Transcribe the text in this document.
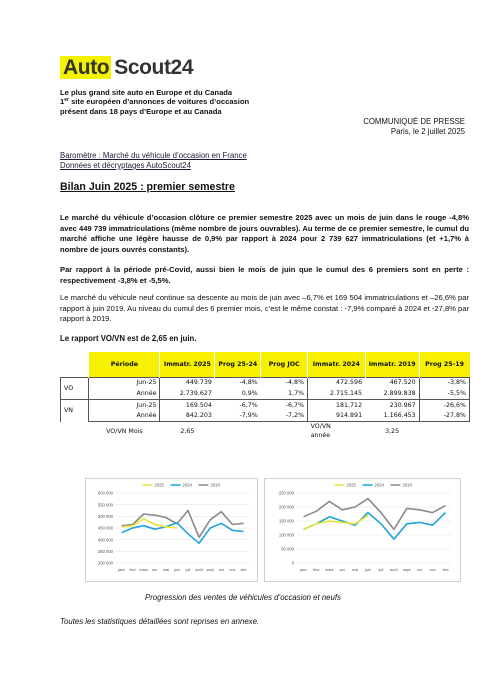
Auto Scout24
Le plus grand site auto en Europe et du Canada
1er site européen d’annonces de voitures d’occasion
présent dans 18 pays d’Europe et au Canada
COMMUNIQUÉ DE PRESSE
Paris, le 2 juillet 2025
Baromètre : Marché du véhicule d’occasion en France
Données et décryptages AutoScout24
Bilan Juin 2025 : premier semestre

Le marché du véhicule d’occasion clôture ce premier semestre 2025 avec un mois de juin dans le rouge -4,8% avec 449 739 immatriculations (même nombre de jours ouvrables). Au terme de ce premier semestre, le cumul du marché affiche une légère hausse de 0,9% par rapport à 2024 pour 2 739 627 immatriculations (et +1,7% à nombre de jours ouvrés constants).

Par rapport à la période pré-Covid, aussi bien le mois de juin que le cumul des 6 premiers sont en perte : respectivement -3,8% et -5,5%.

Le marché du véhicule neuf continue sa descente au mois de juin avec –6,7% et 169 504 immatriculations et –26,6% par rapport à juin 2019. Au niveau du cumul des 6 premier mois, c’est le même constat : -7,9% comparé à 2024 et -27,8% par rapport à 2019.

Le rapport VO/VN est de 2,65 en juin.

	Période	Immatr. 2025	Prog 25-24	Prog JOC	Immatr. 2024	Immatr. 2019	Prog 25-19
VO	Jun-25	449.739	-4,8%	-4,8%	472.596	467.520	-3,8%
	Année	2.739.627	0,9%	1,7%	2.715.145	2.899.838	-5,5%
VN	Jun-25	169.504	-6,7%	-6,7%	181.712	230.967	-26,6%
	Année	842.203	-7,9%	-7,2%	914.891	1.166.453	-27,8%
	VO/VN Mois	2,65			VO/VN
année	3,25	
600 000
550 000
500 000
450 000
400 000
350 000
300 000
janv févr mars avr mai juin juil août sept oct nov déc
2025	2024	2019
250 000
200 000
150 000
100 000
50 000
0
janv févr mars avr mai juin juil août sept oct nov déc
2025	2024	2019
Progression des ventes de véhicules d’occasion et neufs
Toutes les statistiques détaillées sont reprises en annexe.
